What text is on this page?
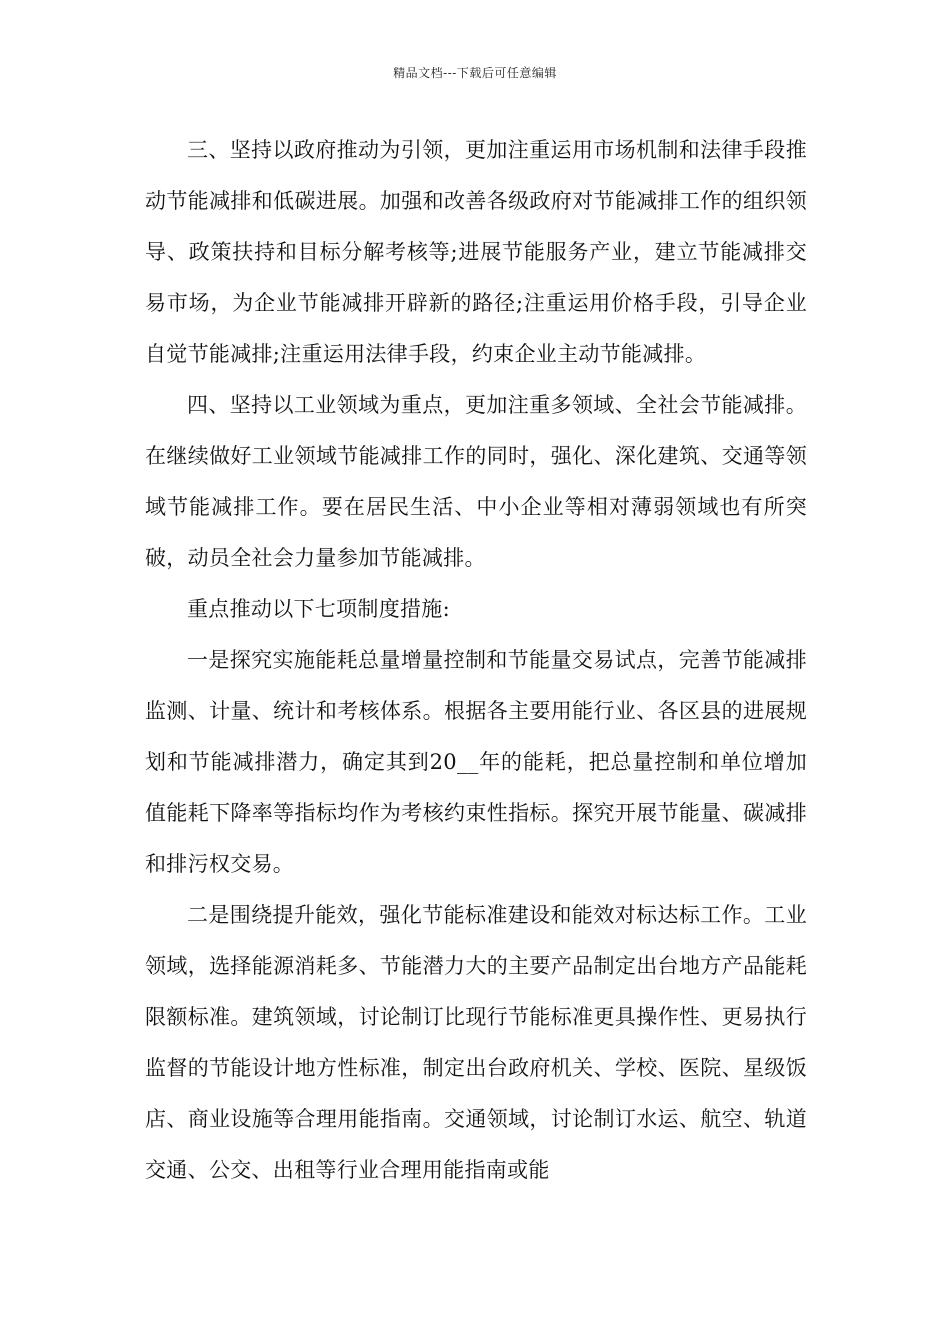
精品文档---下载后可任意编辑

三、坚持以政府推动为引领，更加注重运用市场机制和法律手段推动节能减排和低碳进展。加强和改善各级政府对节能减排工作的组织领导、政策扶持和目标分解考核等;进展节能服务产业，建立节能减排交易市场，为企业节能减排开辟新的路径;注重运用价格手段，引导企业自觉节能减排;注重运用法律手段，约束企业主动节能减排。

四、坚持以工业领域为重点，更加注重多领域、全社会节能减排。在继续做好工业领域节能减排工作的同时，强化、深化建筑、交通等领域节能减排工作。要在居民生活、中小企业等相对薄弱领域也有所突破，动员全社会力量参加节能减排。

重点推动以下七项制度措施:

一是探究实施能耗总量增量控制和节能量交易试点，完善节能减排监测、计量、统计和考核体系。根据各主要用能行业、各区县的进展规划和节能减排潜力，确定其到20__年的能耗，把总量控制和单位增加值能耗下降率等指标均作为考核约束性指标。探究开展节能量、碳减排和排污权交易。

二是围绕提升能效，强化节能标准建设和能效对标达标工作。工业领域，选择能源消耗多、节能潜力大的主要产品制定出台地方产品能耗限额标准。建筑领域，讨论制订比现行节能标准更具操作性、更易执行监督的节能设计地方性标准，制定出台政府机关、学校、医院、星级饭店、商业设施等合理用能指南。交通领域，讨论制订水运、航空、轨道交通、公交、出租等行业合理用能指南或能
